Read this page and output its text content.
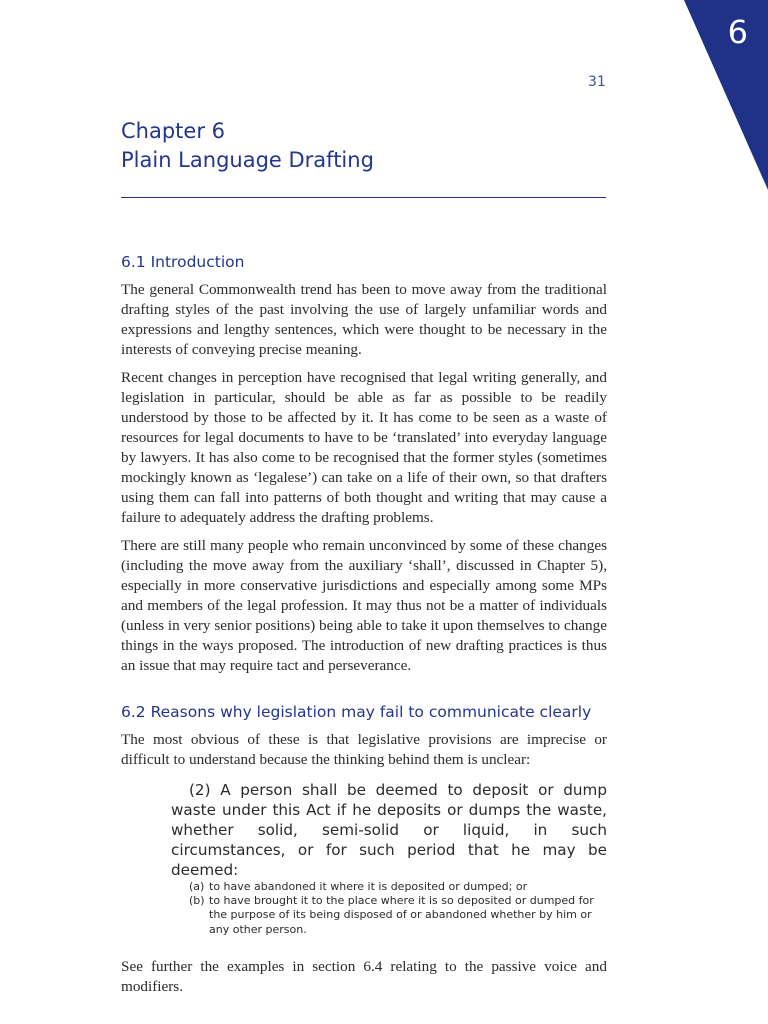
6
31
Chapter 6
Plain Language Drafting
6.1 Introduction

The general Commonwealth trend has been to move away from the traditional drafting styles of the past involving the use of largely unfamiliar words and expressions and lengthy sentences, which were thought to be necessary in the interests of conveying precise meaning.

Recent changes in perception have recognised that legal writing generally, and legislation in particular, should be able as far as possible to be readily understood by those to be affected by it. It has come to be seen as a waste of resources for legal documents to have to be ‘translated’ into everyday language by lawyers. It has also come to be recognised that the former styles (sometimes mockingly known as ‘legalese’) can take on a life of their own, so that drafters using them can fall into patterns of both thought and writing that may cause a failure to adequately address the drafting problems.

There are still many people who remain unconvinced by some of these changes (including the move away from the auxiliary ‘shall’, discussed in Chapter 5), especially in more conservative jurisdictions and especially among some MPs and members of the legal profession. It may thus not be a matter of individuals (unless in very senior positions) being able to take it upon themselves to change things in the ways proposed. The introduction of new drafting practices is thus an issue that may require tact and perseverance.

6.2 Reasons why legislation may fail to communicate clearly

The most obvious of these is that legislative provisions are imprecise or difficult to understand because the thinking behind them is unclear:

(2) A person shall be deemed to deposit or dump waste under this Act if he deposits or dumps the waste, whether solid, semi-solid or liquid, in such circumstances, or for such period that he may be deemed:

(a) to have abandoned it where it is deposited or dumped; or
(b) to have brought it to the place where it is so deposited or dumped for the purpose of its being disposed of or abandoned whether by him or any other person.

See further the examples in section 6.4 relating to the passive voice and modifiers.
